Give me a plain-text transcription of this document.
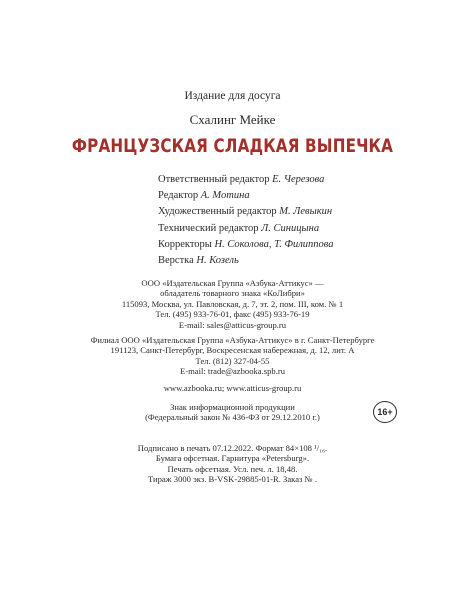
Издание для досуга
Схалинг Мейке
ФРАНЦУЗСКАЯ СЛАДКАЯ ВЫПЕЧКА
Ответственный редактор Е. Черезова
Редактор А. Мотина
Художественный редактор М. Левыкин
Технический редактор Л. Синицына
Корректоры Н. Соколова, Т. Филиппова
Верстка Н. Козель
ООО «Издательская Группа «Азбука-Аттикус» —
обладатель товарного знака «КоЛибри»
115093, Москва, ул. Павловская, д. 7, эт. 2, пом. III, ком. № 1
Тел. (495) 933-76-01, факс (495) 933-76-19
E-mail: sales@atticus-group.ru
Филиал ООО «Издательская Группа «Азбука-Аттикус» в г. Санкт-Петербурге
191123, Санкт-Петербург, Воскресенская набережная, д. 12, лит. А
Тел. (812) 327-04-55
E-mail: trade@azbooka.spb.ru
www.azbooka.ru; www.atticus-group.ru
Знак информационной продукции
(Федеральный закон № 436-ФЗ от 29.12.2010 г.)
16+
Подписано в печать 07.12.2022. Формат 84×108 ¹/₁₆.
Бумага офсетная. Гарнитура «Petersburg».
Печать офсетная. Усл. печ. л. 18,48.
Тираж 3000 экз. B-VSK-29885-01-R. Заказ № .
